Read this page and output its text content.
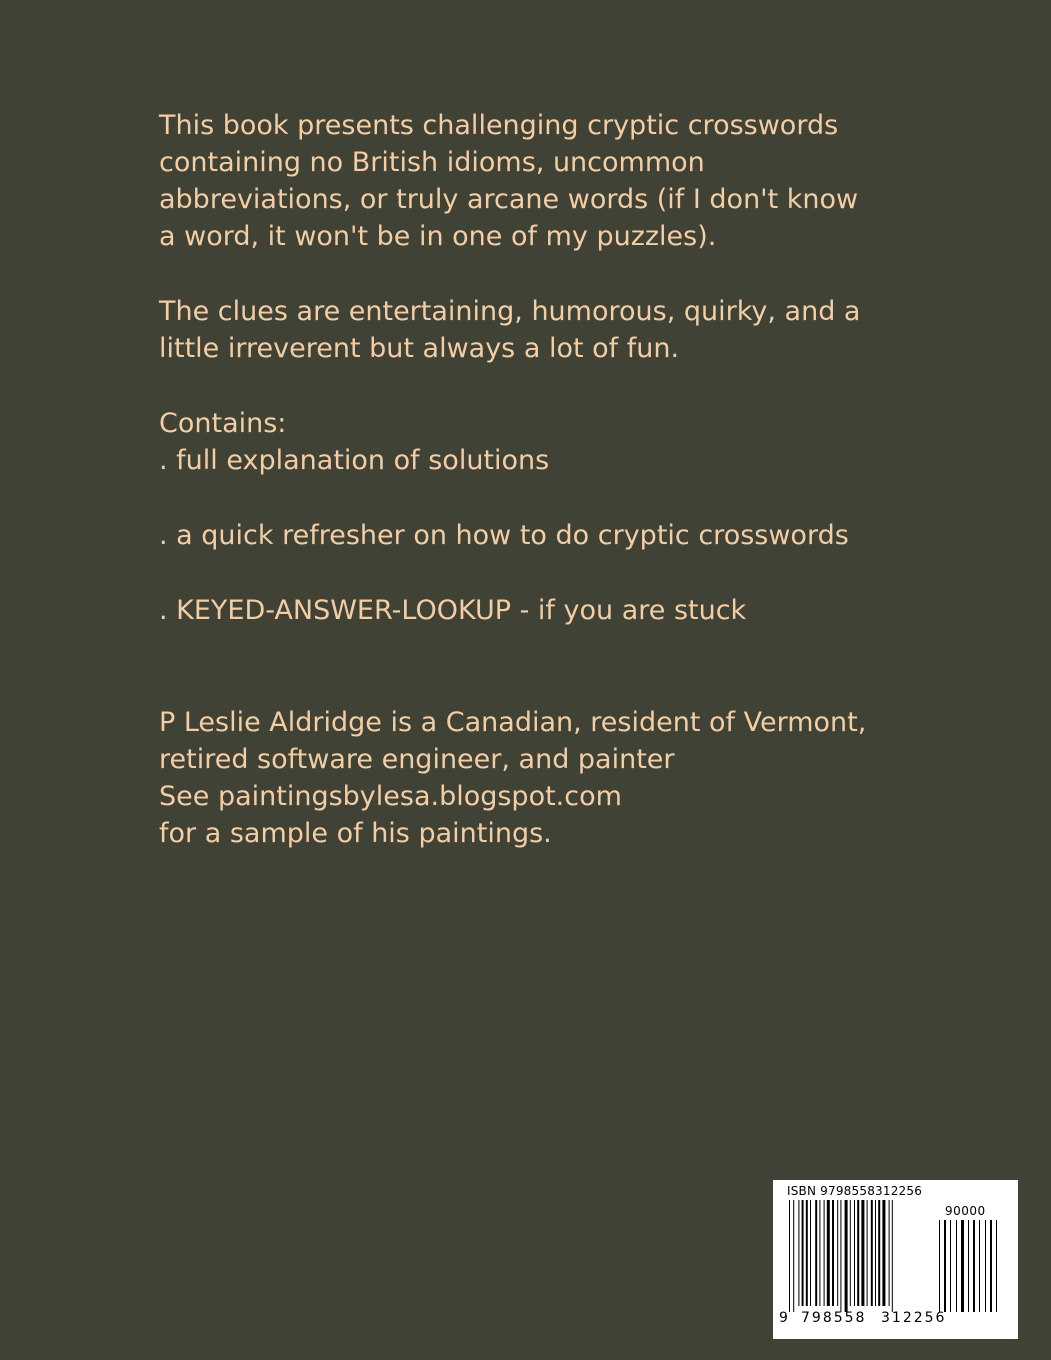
This book presents challenging cryptic crosswords

containing no British idioms, uncommon

abbreviations, or truly arcane words (if I don't know

a word, it won't be in one of my puzzles).

The clues are entertaining, humorous, quirky, and a

little irreverent but always a lot of fun.

Contains:

. full explanation of solutions

. a quick refresher on how to do cryptic crosswords

. KEYED-ANSWER-LOOKUP - if you are stuck

P Leslie Aldridge is a Canadian, resident of Vermont,

retired software engineer, and painter

See paintingsbylesa.blogspot.com

for a sample of his paintings.

ISBN 9798558312256
90000
9 798558	312256
